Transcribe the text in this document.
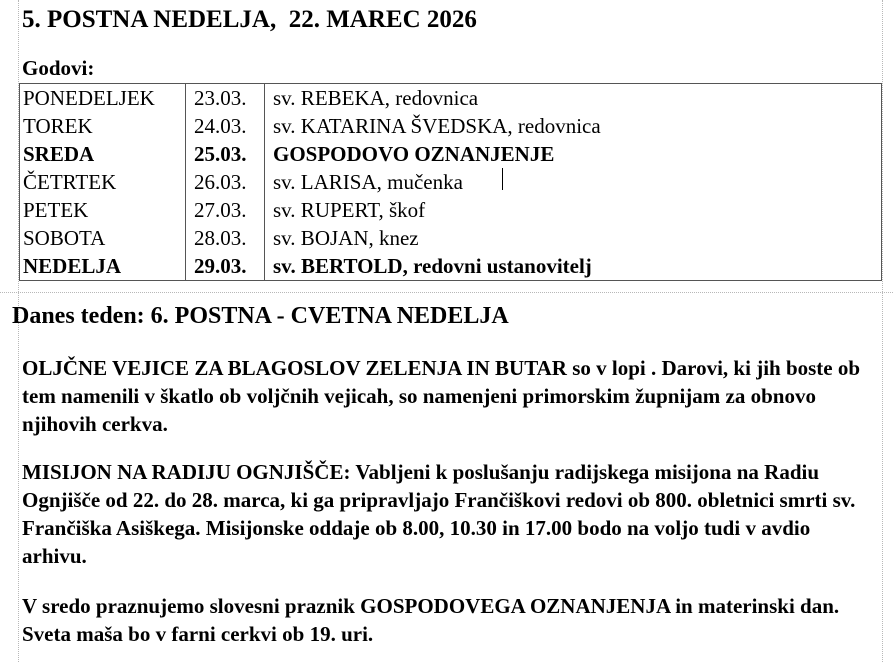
5. POSTNA NEDELJA,  22. MAREC 2026
Godovi:
PONEDELJEK	23.03.	sv. REBEKA, redovnica
TOREK	24.03.	sv. KATARINA ŠVEDSKA, redovnica
SREDA	25.03.	GOSPODOVO OZNANJENJE
ČETRTEK	26.03.	sv. LARISA, mučenka
PETEK	27.03.	sv. RUPERT, škof
SOBOTA	28.03.	sv. BOJAN, knez
NEDELJA	29.03.	sv. BERTOLD, redovni ustanovitelj
Danes teden: 6. POSTNA - CVETNA NEDELJA

OLJČNE VEJICE ZA BLAGOSLOV ZELENJA IN BUTAR so v lopi . Darovi, ki jih boste ob tem namenili v škatlo ob voljčnih vejicah, so namenjeni primorskim župnijam za obnovo njihovih cerkva.

MISIJON NA RADIJU OGNJIŠČE: Vabljeni k poslušanju radijskega misijona na Radiu Ognjišče od 22. do 28. marca, ki ga pripravljajo Frančiškovi redovi ob 800. obletnici smrti sv. Frančiška Asiškega. Misijonske oddaje ob 8.00, 10.30 in 17.00 bodo na voljo tudi v avdio arhivu.

V sredo praznujemo slovesni praznik GOSPODOVEGA OZNANJENJA in materinski dan. Sveta maša bo v farni cerkvi ob 19. uri.
